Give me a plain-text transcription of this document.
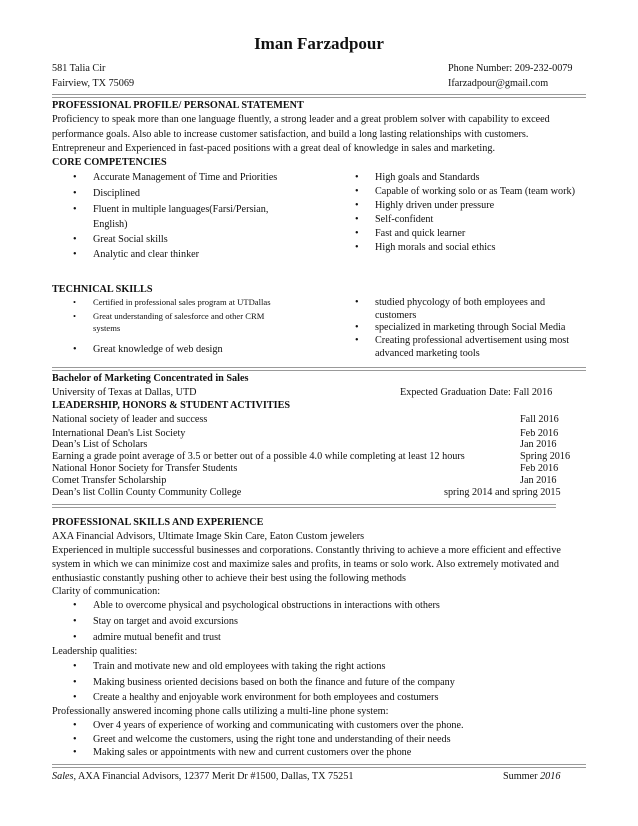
Iman Farzadpour
581 Talia Cir
Fairview, TX 75069
Phone Number: 209-232-0079
Ifarzadpour@gmail.com
PROFESSIONAL PROFILE/ PERSONAL STATEMENT
Proficiency to speak more than one language fluently, a strong leader and a great problem solver with capability to exceed
performance goals. Also able to increase customer satisfaction, and build a long lasting relationships with customers.
Entrepreneur and Experienced in fast-paced positions with a great deal of knowledge in sales and marketing.
CORE COMPETENCIES
• Accurate Management of Time and Priorities
• Disciplined
• Fluent in multiple languages(Farsi/Persian,
English)
• Great Social skills
• Analytic and clear thinker
• High goals and Standards
• Capable of working solo or as Team (team work)
• Highly driven under pressure
• Self-confident
• Fast and quick learner
• High morals and social ethics
TECHNICAL SKILLS
• Certified in professional sales program at UTDallas
• Great understanding of salesforce and other CRM
systems
• Great knowledge of web design
• studied phycology of both employees and
customers
• specialized in marketing through Social Media
• Creating professional advertisement using most
advanced marketing tools
Bachelor of Marketing Concentrated in Sales
University of Texas at Dallas, UTD	Expected Graduation Date: Fall 2016
LEADERSHIP, HONORS & STUDENT ACTIVITIES
National society of leader and success	Fall 2016
International Dean's List Society	Feb 2016
Dean’s List of Scholars	Jan 2016
Earning a grade point average of 3.5 or better out of a possible 4.0 while completing at least 12 hours	Spring 2016
National Honor Society for Transfer Students	Feb 2016
Comet Transfer Scholarship	Jan 2016
Dean’s list Collin County Community College	spring 2014 and spring 2015
PROFESSIONAL SKILLS AND EXPERIENCE
AXA Financial Advisors, Ultimate Image Skin Care, Eaton Custom jewelers
Experienced in multiple successful businesses and corporations. Constantly thriving to achieve a more efficient and effective
system in which we can minimize cost and maximize sales and profits, in teams or solo work. Also extremely motivated and
enthusiastic constantly pushing other to achieve their best using the following methods
Clarity of communication:
• Able to overcome physical and psychological obstructions in interactions with others
• Stay on target and avoid excursions
• admire mutual benefit and trust
Leadership qualities:
• Train and motivate new and old employees with taking the right actions
• Making business oriented decisions based on both the finance and future of the company
• Create a healthy and enjoyable work environment for both employees and costumers
Professionally answered incoming phone calls utilizing a multi-line phone system:
• Over 4 years of experience of working and communicating with customers over the phone.
• Greet and welcome the customers, using the right tone and understanding of their needs
• Making sales or appointments with new and current customers over the phone
Sales, AXA Financial Advisors, 12377 Merit Dr #1500, Dallas, TX 75251	Summer 2016
